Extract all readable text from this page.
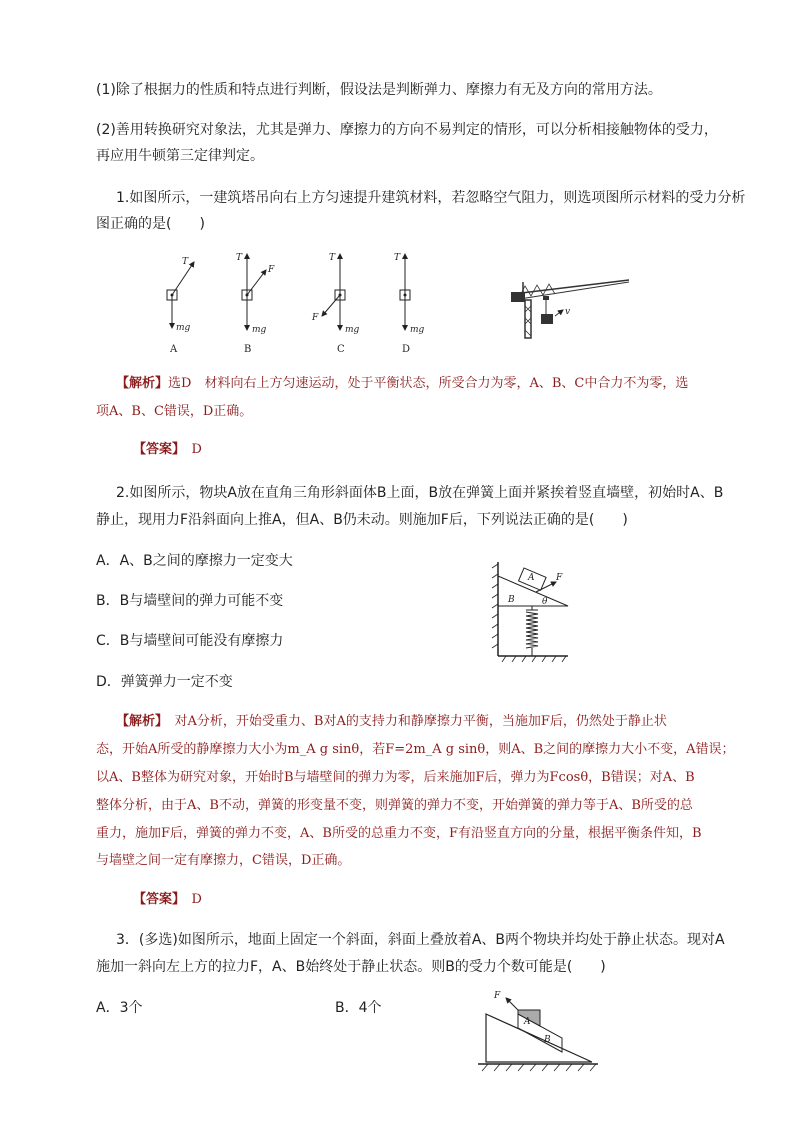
(1)除了根据力的性质和特点进行判断，假设法是判断弹力、摩擦力有无及方向的常用方法。
(2)善用转换研究对象法，尤其是弹力、摩擦力的方向不易判定的情形，可以分析相接触物体的受力，
再应用牛顿第三定律判定。
1.如图所示，一建筑塔吊向右上方匀速提升建筑材料，若忽略空气阻力，则选项图所示材料的受力分析
图正确的是(　　)
T
mg
A
T
F
mg
B
T
F
mg
C
T
mg
D
v
【解析】选D　材料向右上方匀速运动，处于平衡状态，所受合力为零，A、B、C中合力不为零，选
项A、B、C错误，D正确。
【答案】　 D
2.如图所示，物块A放在直角三角形斜面体B上面，B放在弹簧上面并紧挨着竖直墙壁，初始时A、B
静止，现用力F沿斜面向上推A，但A、B仍未动。则施加F后，下列说法正确的是(　　)
A．A、B之间的摩擦力一定变大
B．B与墙壁间的弹力可能不变
C．B与墙壁间可能没有摩擦力
D．弹簧弹力一定不变
F
A
B	θ
【解析】　 对A分析，开始受重力、B对A的支持力和静摩擦力平衡，当施加F后，仍然处于静止状
态，开始A所受的静摩擦力大小为m_A g sinθ，若F=2m_A g sinθ，则A、B之间的摩擦力大小不变，A错误；
以A、B整体为研究对象，开始时B与墙壁间的弹力为零，后来施加F后，弹力为Fcosθ，B错误；对A、B
整体分析，由于A、B不动，弹簧的形变量不变，则弹簧的弹力不变，开始弹簧的弹力等于A、B所受的总
重力，施加F后，弹簧的弹力不变，A、B所受的总重力不变，F有沿竖直方向的分量，根据平衡条件知，B
与墙壁之间一定有摩擦力，C错误，D正确。
【答案】　 D
3．(多选)如图所示，地面上固定一个斜面，斜面上叠放着A、B两个物块并均处于静止状态。现对A
施加一斜向左上方的拉力F，A、B始终处于静止状态。则B的受力个数可能是(　　)
A．3个	B．4个
F
A
B
